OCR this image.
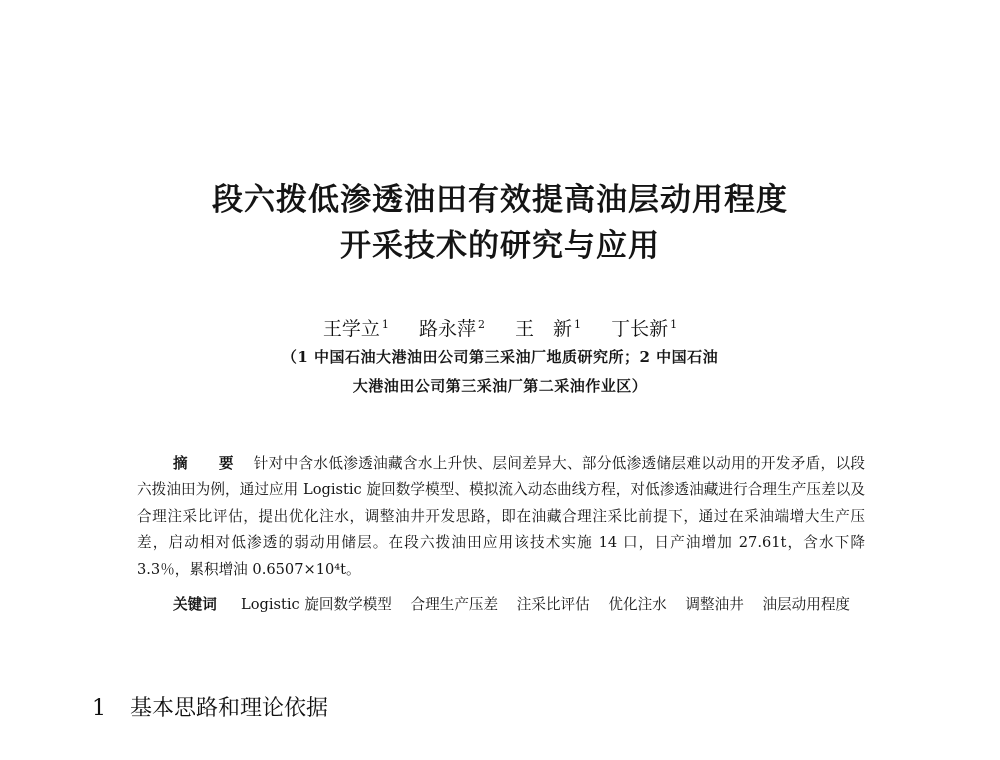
段六拨低渗透油田有效提高油层动用程度
开采技术的研究与应用
王学立 $^1$ 路永萍 $^2$ 王　新 $^1$ 丁长新 $^1$
（1 中国石油大港油田公司第三采油厂地质研究所；2 中国石油
大港油田公司第三采油厂第二采油作业区）
摘　要 针对中含水低渗透油藏含水上升快、层间差异大、部分低渗透储层难以动用的开发矛盾，以段六拨油田为例，通过应用 Logistic 旋回数学模型、模拟流入动态曲线方程，对低渗透油藏进行合理生产压差以及合理注采比评估，提出优化注水，调整油井开发思路，即在油藏合理注采比前提下，通过在采油端增大生产压差，启动相对低渗透的弱动用储层。在段六拨油田应用该技术实施 14 口，日产油增加 27.61t，含水下降 3.3％，累积增油 0.6507×10⁴t。
关键词 Logistic 旋回数学模型 合理生产压差 注采比评估 优化注水 调整油井 油层动用程度
1 基本思路和理论依据
